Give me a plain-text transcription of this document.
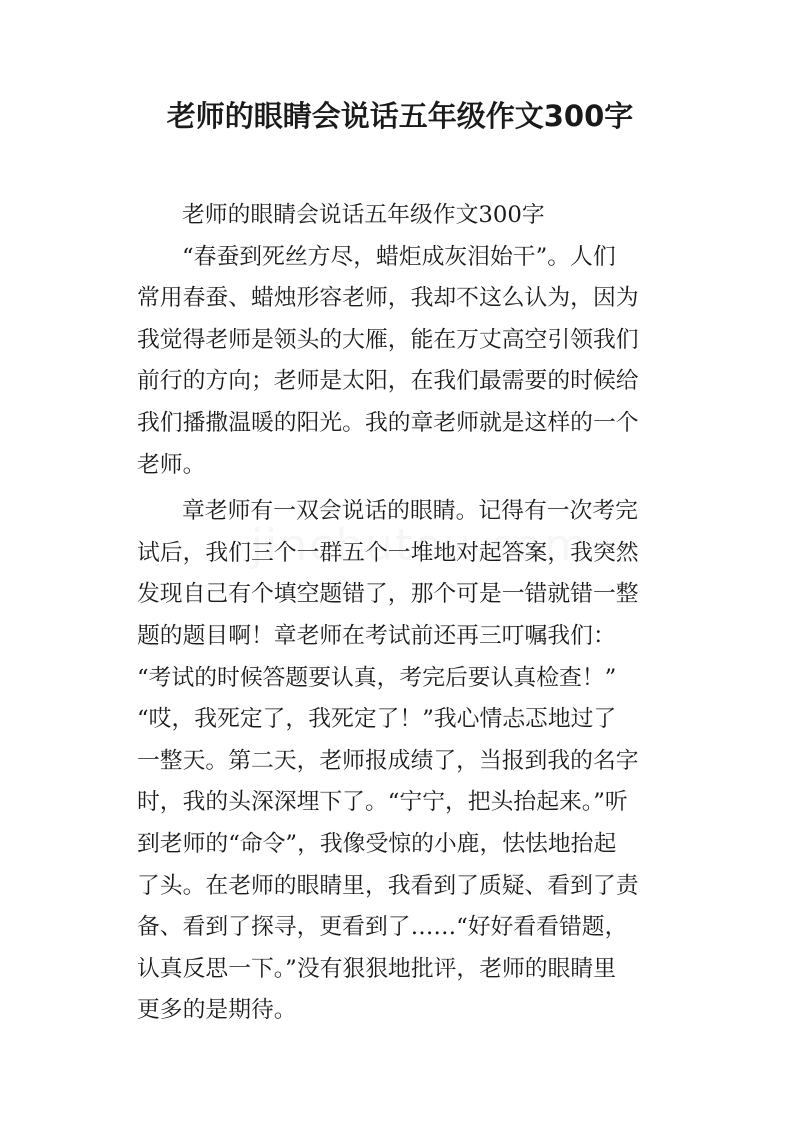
老师的眼睛会说话五年级作文300字

老师的眼睛会说话五年级作文300字

“春蚕到死丝方尽，蜡炬成灰泪始干”。人们
常用春蚕、蜡烛形容老师，我却不这么认为，因为
我觉得老师是领头的大雁，能在万丈高空引领我们
前行的方向；老师是太阳，在我们最需要的时候给
我们播撒温暖的阳光。我的章老师就是这样的一个
老师。

章老师有一双会说话的眼睛。记得有一次考完
试后，我们三个一群五个一堆地对起答案，我突然
发现自己有个填空题错了，那个可是一错就错一整
题的题目啊！章老师在考试前还再三叮嘱我们：
“考试的时候答题要认真，考完后要认真检查！”
“哎，我死定了，我死定了！”我心情忐忑地过了
一整天。第二天，老师报成绩了，当报到我的名字
时，我的头深深埋下了。“宁宁，把头抬起来。”听
到老师的“命令”，我像受惊的小鹿，怯怯地抬起
了头。在老师的眼睛里，我看到了质疑、看到了责
备、看到了探寻，更看到了……“好好看看错题，
认真反思一下。”没有狠狠地批评，老师的眼睛里
更多的是期待。
